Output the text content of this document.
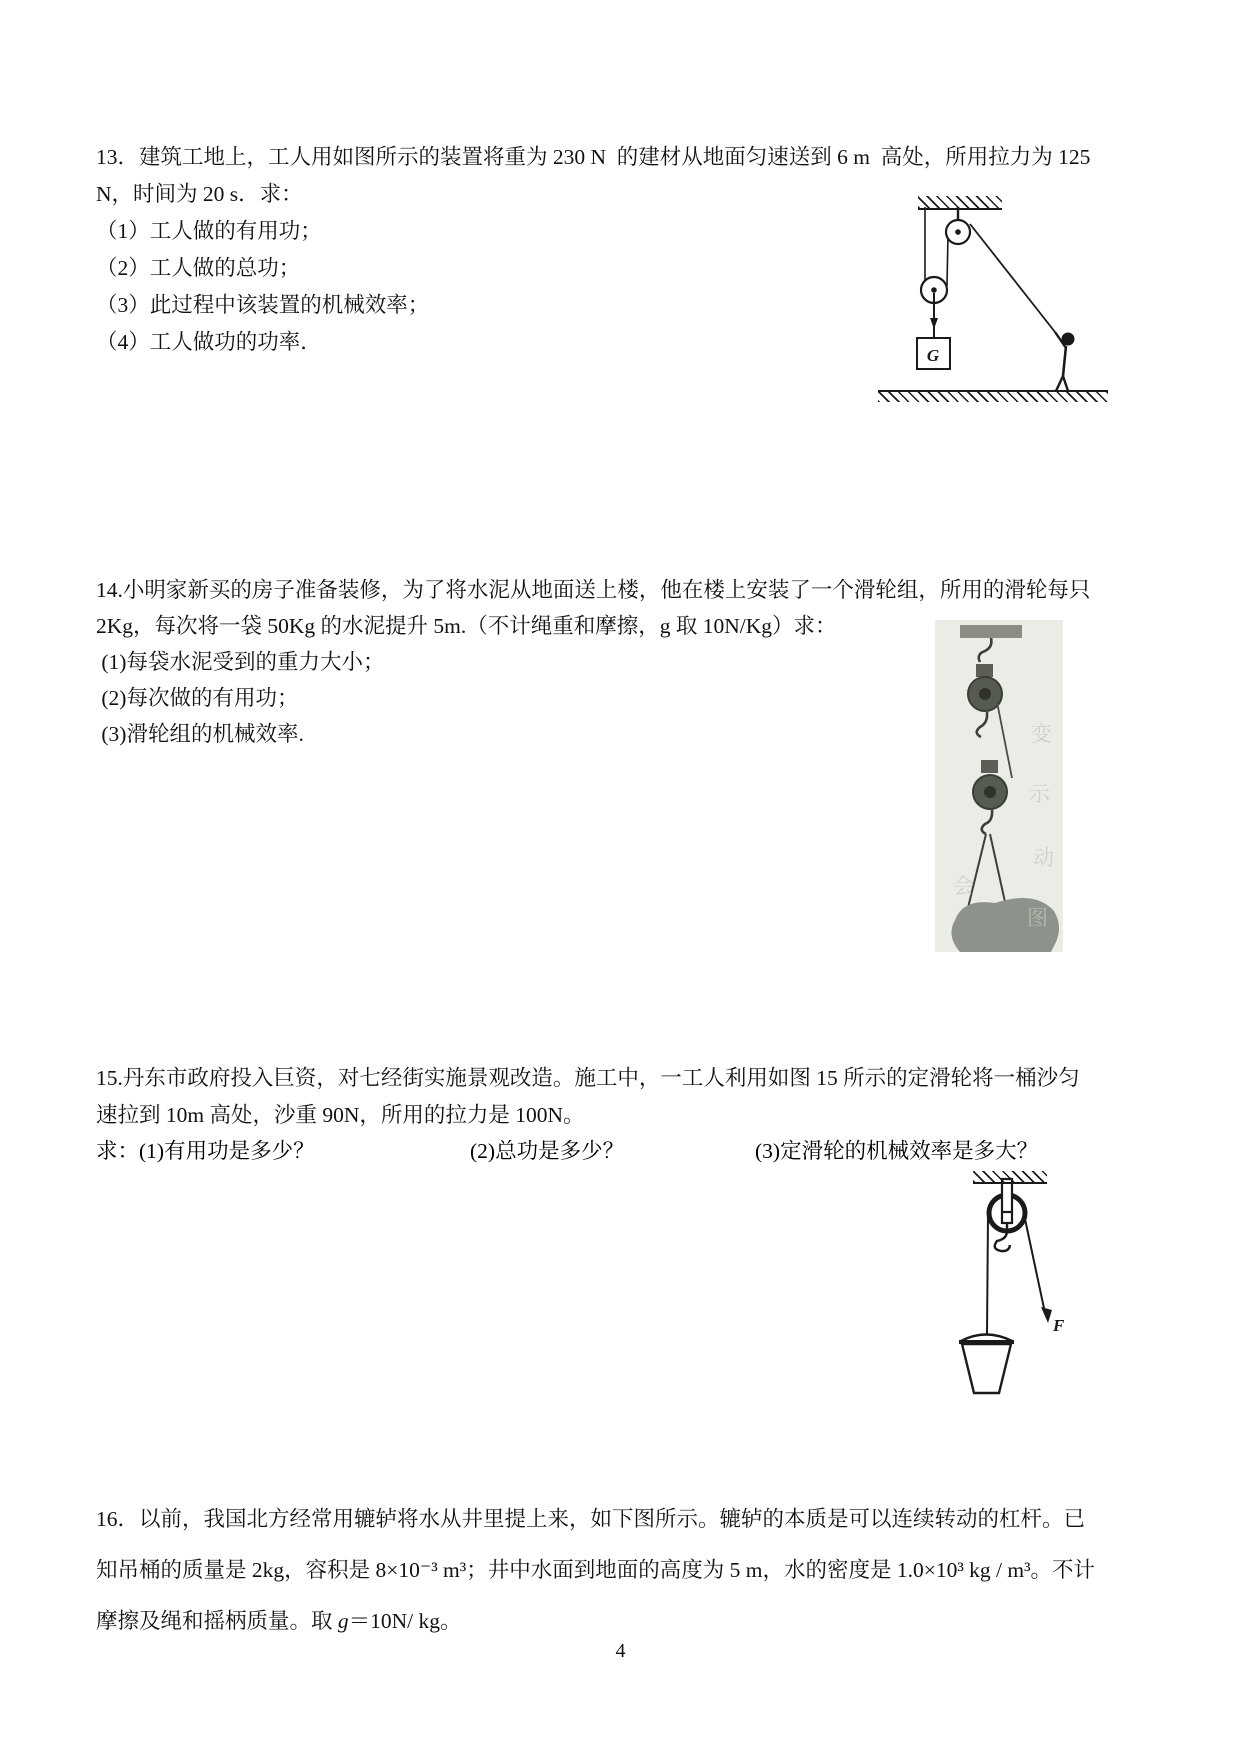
13．建筑工地上，工人用如图所示的装置将重为 230 N  的建材从地面匀速送到 6 m  高处，所用拉力为 125
N，时间为 20 s．求：
（1）工人做的有用功；
（2）工人做的总功；
（3）此过程中该装置的机械效率；
（4）工人做功的功率．
G
14.小明家新买的房子准备装修，为了将水泥从地面送上楼，他在楼上安装了一个滑轮组，所用的滑轮每只
2Kg，每次将一袋 50Kg 的水泥提升 5m.（不计绳重和摩擦，g 取 10N/Kg）求：
(1)每袋水泥受到的重力大小；
(2)每次做的有用功；
(3)滑轮组的机械效率.	变
示
动
图
会
15.丹东市政府投入巨资，对七经街实施景观改造。施工中，一工人利用如图 15 所示的定滑轮将一桶沙匀
速拉到 10m 高处，沙重 90N，所用的拉力是 100N。
求：(1)有用功是多少？	(2)总功是多少？	(3)定滑轮的机械效率是多大？
F
16．以前，我国北方经常用辘轳将水从井里提上来，如下图所示。辘轳的本质是可以连续转动的杠杆。已
知吊桶的质量是 2kg，容积是 8×10⁻³ m³；井中水面到地面的高度为 5 m，水的密度是 1.0×10³ kg / m³。不计
摩擦及绳和摇柄质量。取 g＝10N/ kg。
4
